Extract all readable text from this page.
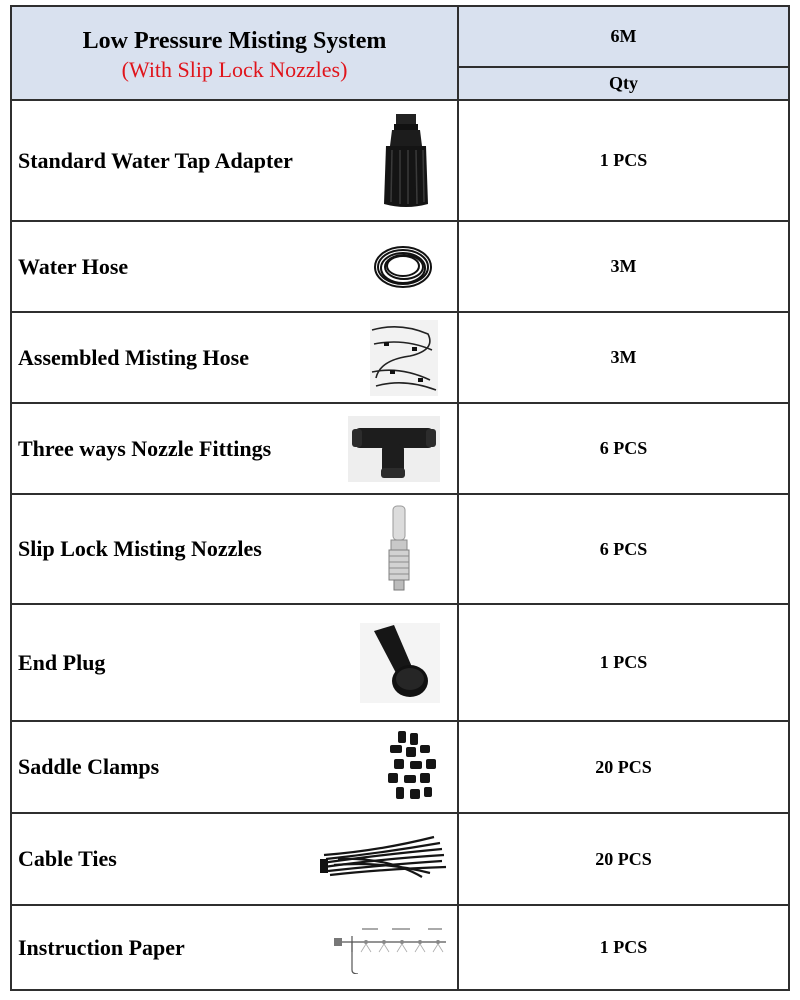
Low Pressure Misting System
(With Slip Lock Nozzles)	6M
	Qty

Standard Water Tap Adapter	1 PCS

Water Hose	3M

Assembled Misting Hose	3M

Three ways Nozzle Fittings	6 PCS

Slip Lock Misting Nozzles	6 PCS

End Plug	1 PCS

Saddle Clamps	20 PCS

Cable Ties	20 PCS

Instruction Paper	1 PCS
